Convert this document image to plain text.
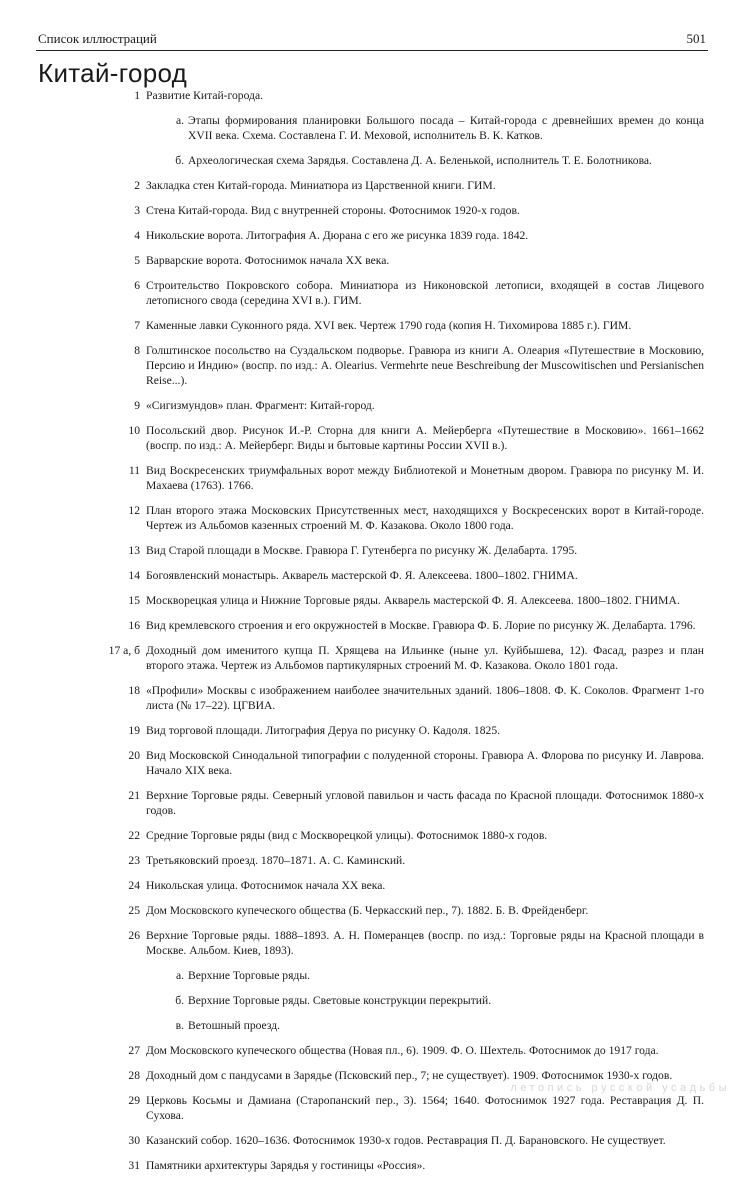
Список иллюстраций	501
Китай-город
1 Развитие Китай-города.
а. Этапы формирования планировки Большого посада – Китай-города с древнейших времен до конца XVII века. Схема. Составлена Г. И. Меховой, исполнитель В. К. Катков.
б. Археологическая схема Зарядья. Составлена Д. А. Беленькой, исполнитель Т. Е. Болотникова.
2 Закладка стен Китай-города. Миниатюра из Царственной книги. ГИМ.
3 Стена Китай-города. Вид с внутренней стороны. Фотоснимок 1920-х годов.
4 Никольские ворота. Литография А. Дюрана с его же рисунка 1839 года. 1842.
5 Варварские ворота. Фотоснимок начала XX века.
6 Строительство Покровского собора. Миниатюра из Никоновской летописи, входящей в состав Лицевого летописного свода (середина XVI в.). ГИМ.
7 Каменные лавки Суконного ряда. XVI век. Чертеж 1790 года (копия Н. Тихомирова 1885 г.). ГИМ.
8 Голштинское посольство на Суздальском подворье. Гравюра из книги А. Олеария «Путешествие в Московию, Персию и Индию» (воспр. по изд.: A. Olearius. Vermehrte neue Beschreibung der Muscowitischen und Persianischen Reise...).
9 «Сигизмундов» план. Фрагмент: Китай-город.
10 Посольский двор. Рисунок И.-Р. Сторна для книги А. Мейерберга «Путешествие в Московию». 1661–1662 (воспр. по изд.: А. Мейерберг. Виды и бытовые картины России XVII в.).
11 Вид Воскресенских триумфальных ворот между Библиотекой и Монетным двором. Гравюра по рисунку М. И. Махаева (1763). 1766.
12 План второго этажа Московских Присутственных мест, находящихся у Воскресенских ворот в Китай-городе. Чертеж из Альбомов казенных строений М. Ф. Казакова. Около 1800 года.
13 Вид Старой площади в Москве. Гравюра Г. Гутенберга по рисунку Ж. Делабарта. 1795.
14 Богоявленский монастырь. Акварель мастерской Ф. Я. Алексеева. 1800–1802. ГНИМА.
15 Москворецкая улица и Нижние Торговые ряды. Акварель мастерской Ф. Я. Алексеева. 1800–1802. ГНИМА.
16 Вид кремлевского строения и его окружностей в Москве. Гравюра Ф. Б. Лорие по рисунку Ж. Делабарта. 1796.
17 а, б Доходный дом именитого купца П. Хрящева на Ильинке (ныне ул. Куйбышева, 12). Фасад, разрез и план второго этажа. Чертеж из Альбомов партикулярных строений М. Ф. Казакова. Около 1801 года.
18 «Профили» Москвы с изображением наиболее значительных зданий. 1806–1808. Ф. К. Соколов. Фрагмент 1-го листа (№ 17–22). ЦГВИА.
19 Вид торговой площади. Литография Деруа по рисунку О. Кадоля. 1825.
20 Вид Московской Синодальной типографии с полуденной стороны. Гравюра А. Флорова по рисунку И. Лаврова. Начало XIX века.
21 Верхние Торговые ряды. Северный угловой павильон и часть фасада по Красной площади. Фотоснимок 1880-х годов.
22 Средние Торговые ряды (вид с Москворецкой улицы). Фотоснимок 1880-х годов.
23 Третьяковский проезд. 1870–1871. А. С. Каминский.
24 Никольская улица. Фотоснимок начала XX века.
25 Дом Московского купеческого общества (Б. Черкасский пер., 7). 1882. Б. В. Фрейденберг.
26 Верхние Торговые ряды. 1888–1893. А. Н. Померанцев (воспр. по изд.: Торговые ряды на Красной площади в Москве. Альбом. Киев, 1893).
а. Верхние Торговые ряды.
б. Верхние Торговые ряды. Световые конструкции перекрытий.
в. Ветошный проезд.
27 Дом Московского купеческого общества (Новая пл., 6). 1909. Ф. О. Шехтель. Фотоснимок до 1917 года.
28 Доходный дом с пандусами в Зарядье (Псковский пер., 7; не существует). 1909. Фотоснимок 1930-х годов.
29 Церковь Косьмы и Дамиана (Старопанский пер., 3). 1564; 1640. Фотоснимок 1927 года. Реставрация Д. П. Сухова.
30 Казанский собор. 1620–1636. Фотоснимок 1930-х годов. Реставрация П. Д. Барановского. Не существует.
31 Памятники архитектуры Зарядья у гостиницы «Россия».
летопись русской усадьбы
